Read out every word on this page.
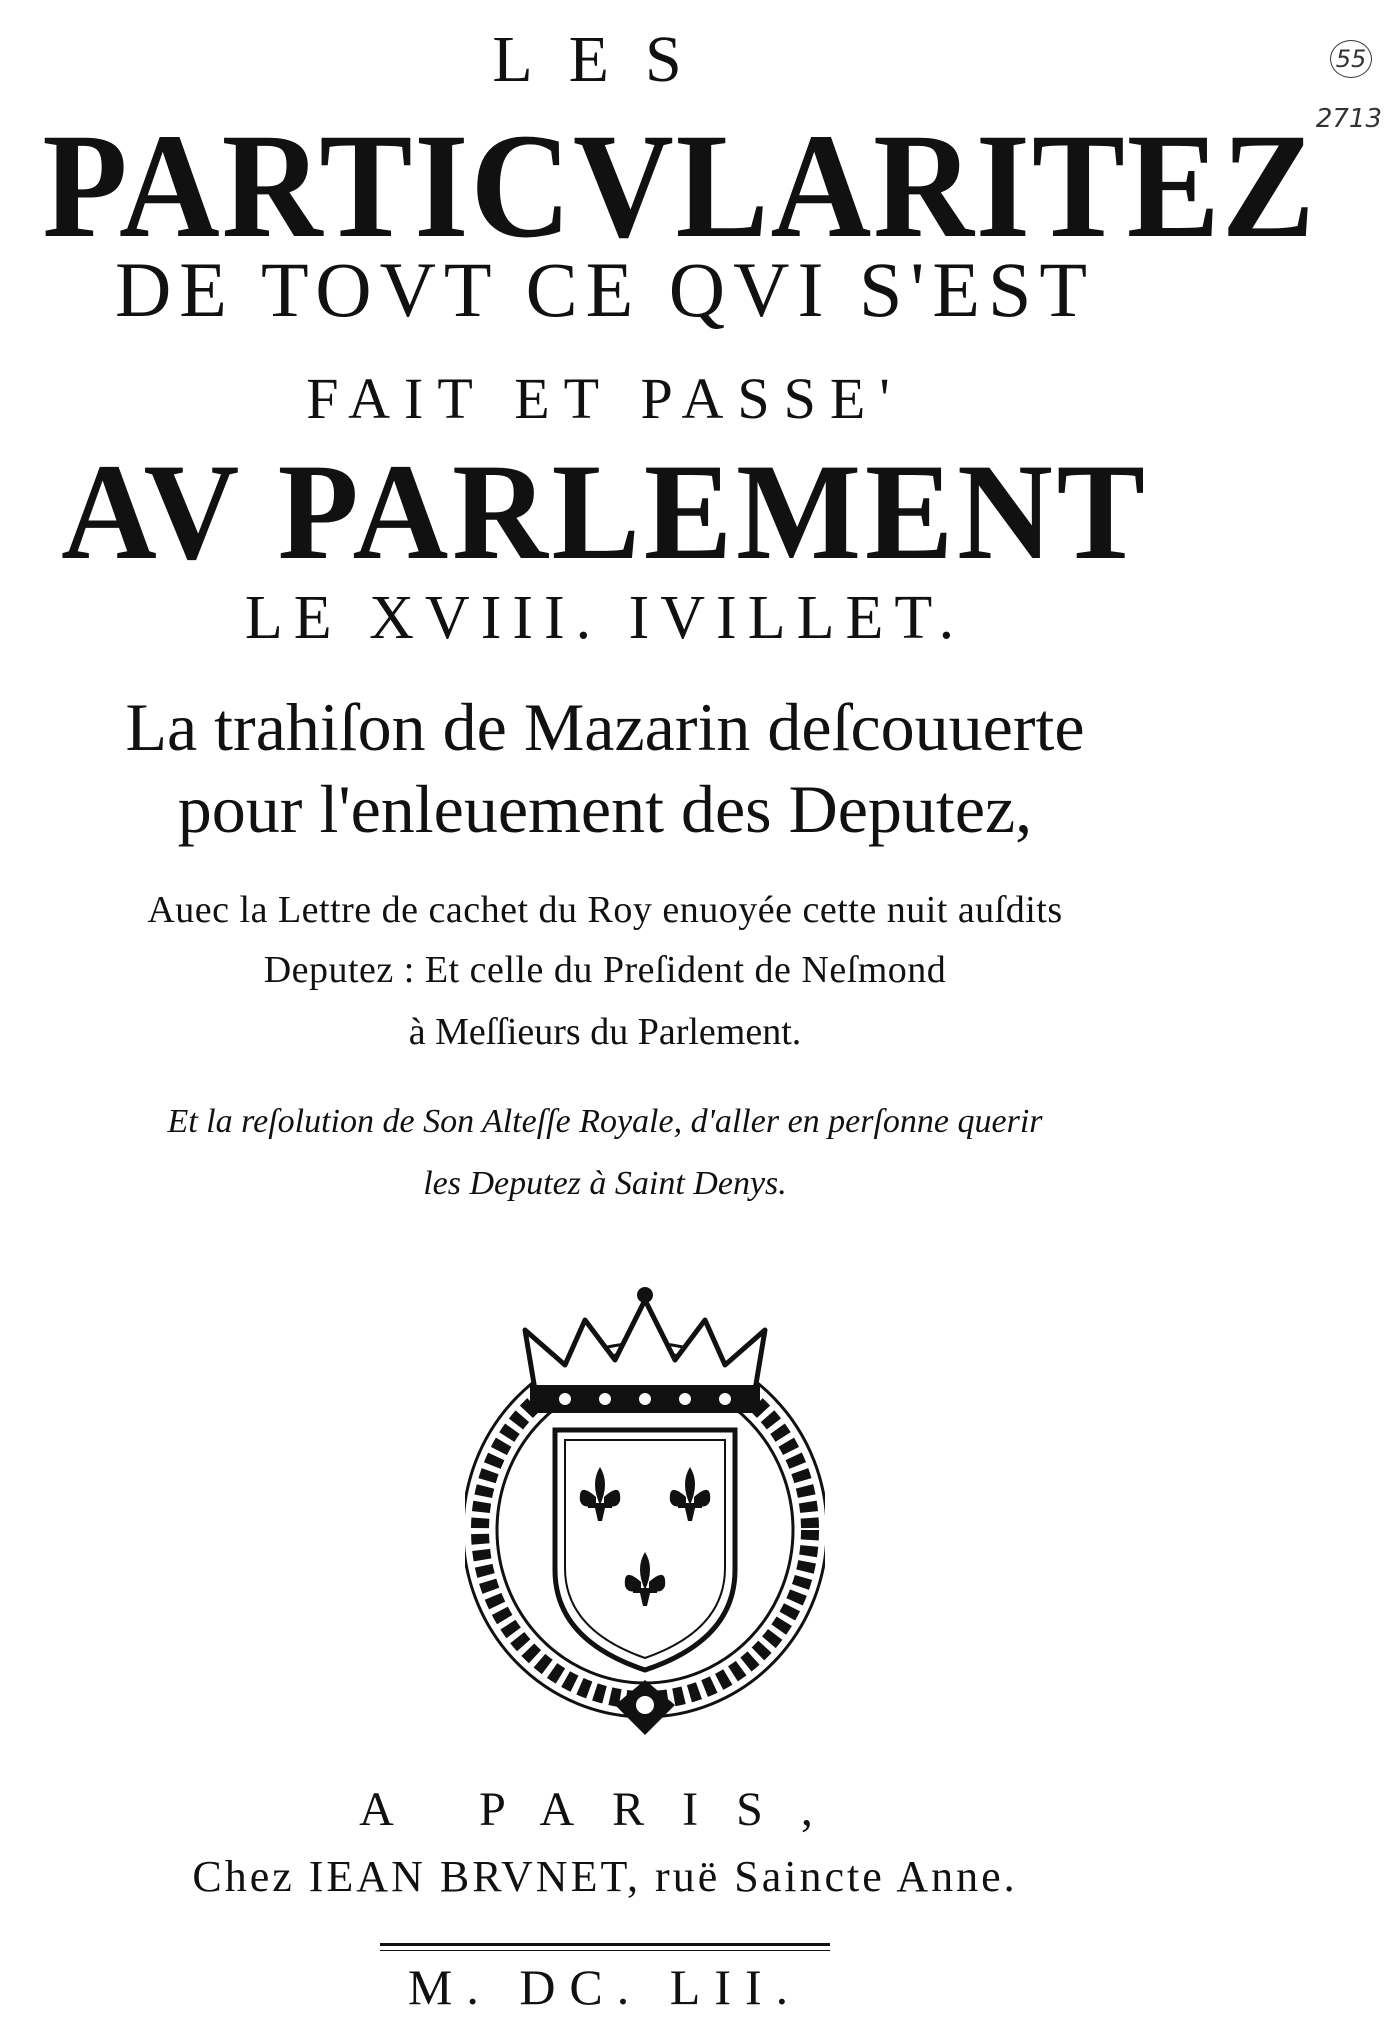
LES
PARTICVLARITEZ
DE TOVT CE QVI S'EST
FAIT ET PASSE'
AV PARLEMENT
LE XVIII. IVILLET.
La trahiſon de Mazarin deſcouuerte
pour l'enleuement des Deputez,
Auec la Lettre de cachet du Roy enuoyée cette nuit auſdits
Deputez : Et celle du Preſident de Neſmond
à Meſſieurs du Parlement.
Et la reſolution de Son Alteſſe Royale, d'aller en perſonne querir
les Deputez à Saint Denys.
55
2713
A PARIS,
Chez IEAN BRVNET, ruë Saincte Anne.
M. DC. LII.
